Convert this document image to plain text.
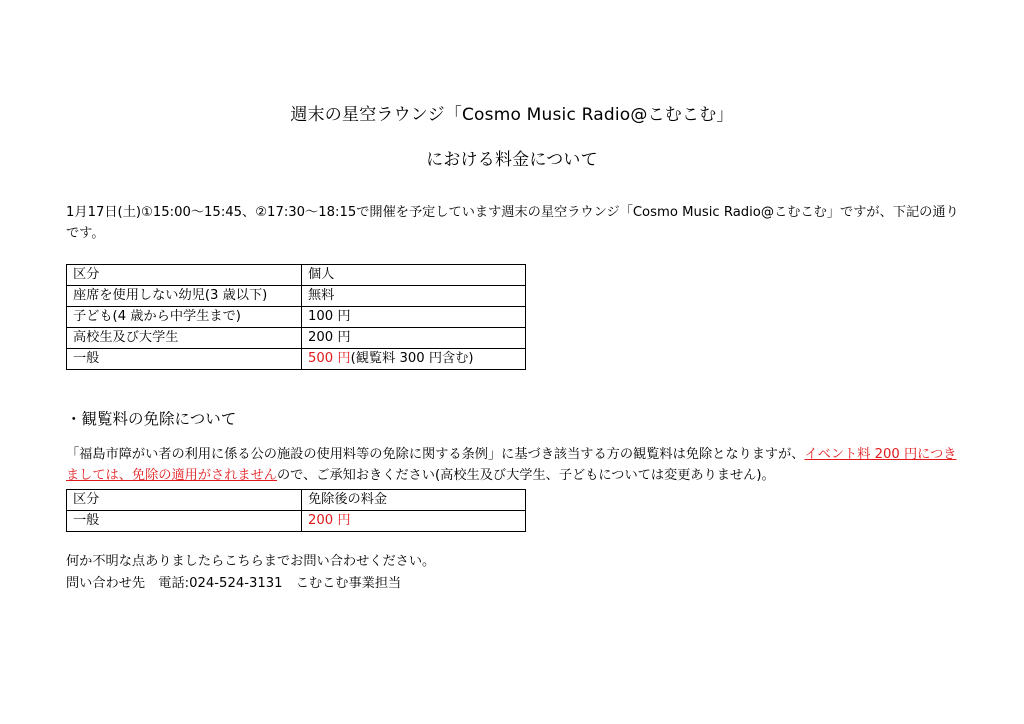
週末の星空ラウンジ「Cosmo Music Radio@こむこむ」
における料金について
1月17日(土)①15:00～15:45、②17:30～18:15で開催を予定しています週末の星空ラウンジ「Cosmo Music Radio@こむこむ」ですが、下記の通りです。
区分	個人
座席を使用しない幼児(3 歳以下)	無料
子ども(4 歳から中学生まで)	100 円
高校生及び大学生	200 円
一般	500 円(観覧料 300 円含む)
・観覧料の免除について
「福島市障がい者の利用に係る公の施設の使用料等の免除に関する条例」に基づき該当する方の観覧料は免除となりますが、イベント料 200 円につきましては、免除の適用がされませんので、ご承知おきください(高校生及び大学生、子どもについては変更ありません)。
区分	免除後の料金
一般	200 円
何か不明な点ありましたらこちらまでお問い合わせください。
問い合わせ先　電話:024-524-3131　こむこむ事業担当
